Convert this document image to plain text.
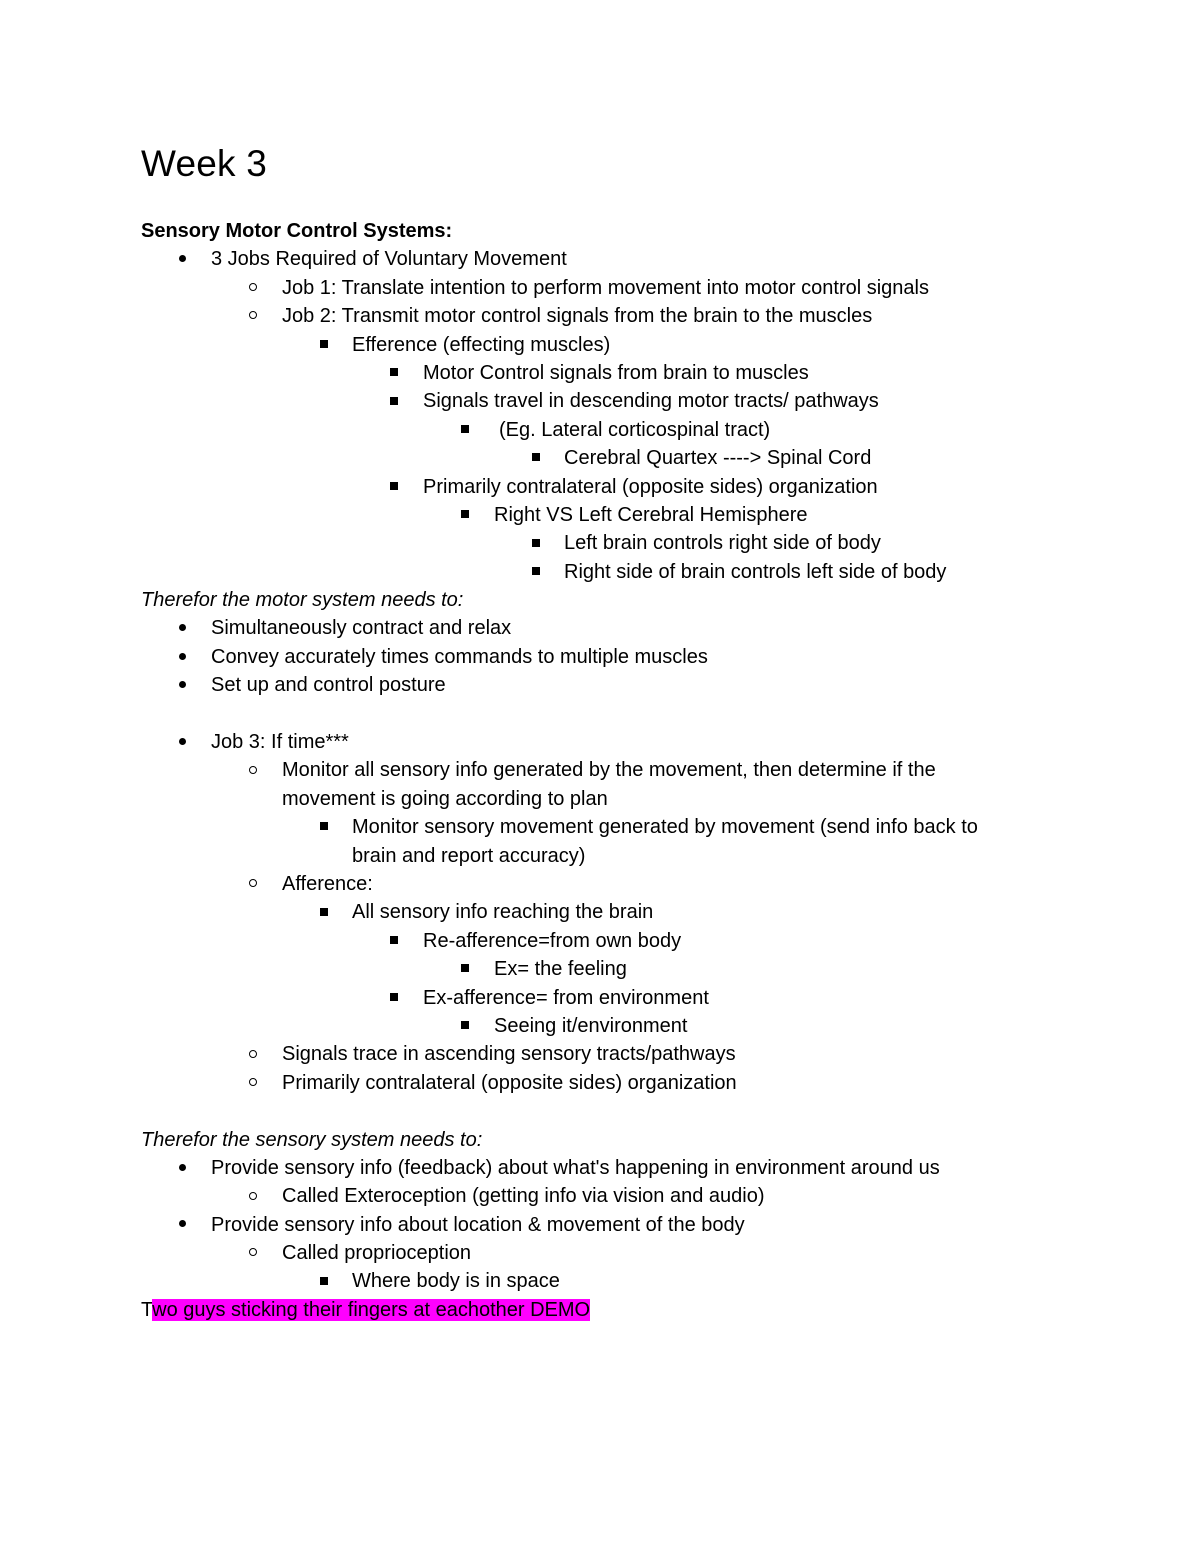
Week 3
Sensory Motor Control Systems:
3 Jobs Required of Voluntary Movement
Job 1: Translate intention to perform movement into motor control signals
Job 2: Transmit motor control signals from the brain to the muscles
Efference (effecting muscles)
Motor Control signals from brain to muscles
Signals travel in descending motor tracts/ pathways
(Eg. Lateral corticospinal tract)
Cerebral Quartex ----> Spinal Cord
Primarily contralateral (opposite sides) organization
Right VS Left Cerebral Hemisphere
Left brain controls right side of body
Right side of brain controls left side of body
Therefor the motor system needs to:
Simultaneously contract and relax
Convey accurately times commands to multiple muscles
Set up and control posture
Job 3: If time***
Monitor all sensory info generated by the movement, then determine if the
movement is going according to plan
Monitor sensory movement generated by movement (send info back to
brain and report accuracy)
Afference:
All sensory info reaching the brain
Re-afference=from own body
Ex= the feeling
Ex-afference= from environment
Seeing it/environment
Signals trace in ascending sensory tracts/pathways
Primarily contralateral (opposite sides) organization
Therefor the sensory system needs to:
Provide sensory info (feedback) about what's happening in environment around us
Called Exteroception (getting info via vision and audio)
Provide sensory info about location & movement of the body
Called proprioception
Where body is in space
Two guys sticking their fingers at eachother DEMO
